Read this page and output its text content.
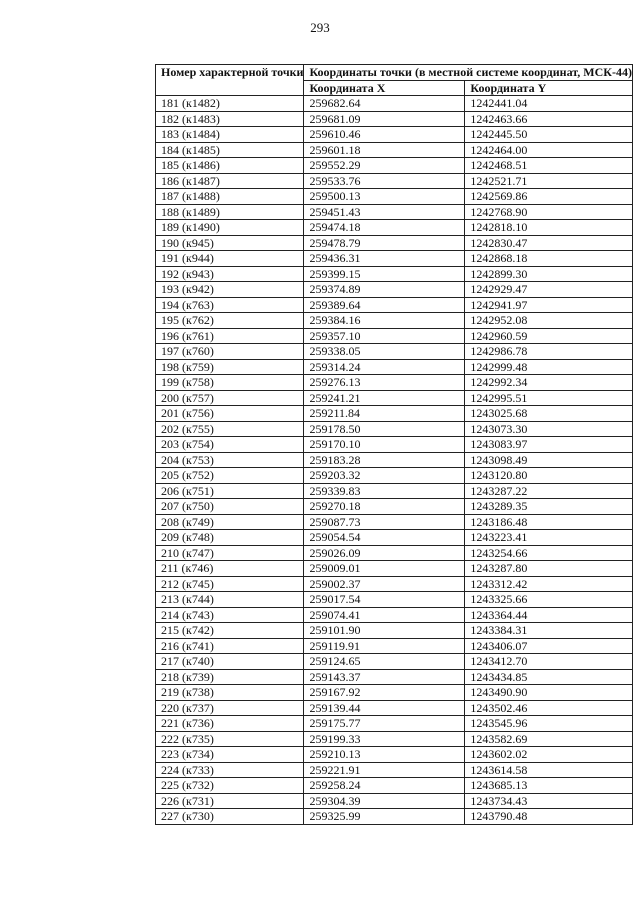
293
Номер характерной точки	Координаты точки (в местной системе координат, МСК-44)	
	Координата X	Координата Y
181 (к1482)	259682.64	1242441.04
182 (к1483)	259681.09	1242463.66
183 (к1484)	259610.46	1242445.50
184 (к1485)	259601.18	1242464.00
185 (к1486)	259552.29	1242468.51
186 (к1487)	259533.76	1242521.71
187 (к1488)	259500.13	1242569.86
188 (к1489)	259451.43	1242768.90
189 (к1490)	259474.18	1242818.10
190 (к945)	259478.79	1242830.47
191 (к944)	259436.31	1242868.18
192 (к943)	259399.15	1242899.30
193 (к942)	259374.89	1242929.47
194 (к763)	259389.64	1242941.97
195 (к762)	259384.16	1242952.08
196 (к761)	259357.10	1242960.59
197 (к760)	259338.05	1242986.78
198 (к759)	259314.24	1242999.48
199 (к758)	259276.13	1242992.34
200 (к757)	259241.21	1242995.51
201 (к756)	259211.84	1243025.68
202 (к755)	259178.50	1243073.30
203 (к754)	259170.10	1243083.97
204 (к753)	259183.28	1243098.49
205 (к752)	259203.32	1243120.80
206 (к751)	259339.83	1243287.22
207 (к750)	259270.18	1243289.35
208 (к749)	259087.73	1243186.48
209 (к748)	259054.54	1243223.41
210 (к747)	259026.09	1243254.66
211 (к746)	259009.01	1243287.80
212 (к745)	259002.37	1243312.42
213 (к744)	259017.54	1243325.66
214 (к743)	259074.41	1243364.44
215 (к742)	259101.90	1243384.31
216 (к741)	259119.91	1243406.07
217 (к740)	259124.65	1243412.70
218 (к739)	259143.37	1243434.85
219 (к738)	259167.92	1243490.90
220 (к737)	259139.44	1243502.46
221 (к736)	259175.77	1243545.96
222 (к735)	259199.33	1243582.69
223 (к734)	259210.13	1243602.02
224 (к733)	259221.91	1243614.58
225 (к732)	259258.24	1243685.13
226 (к731)	259304.39	1243734.43
227 (к730)	259325.99	1243790.48
